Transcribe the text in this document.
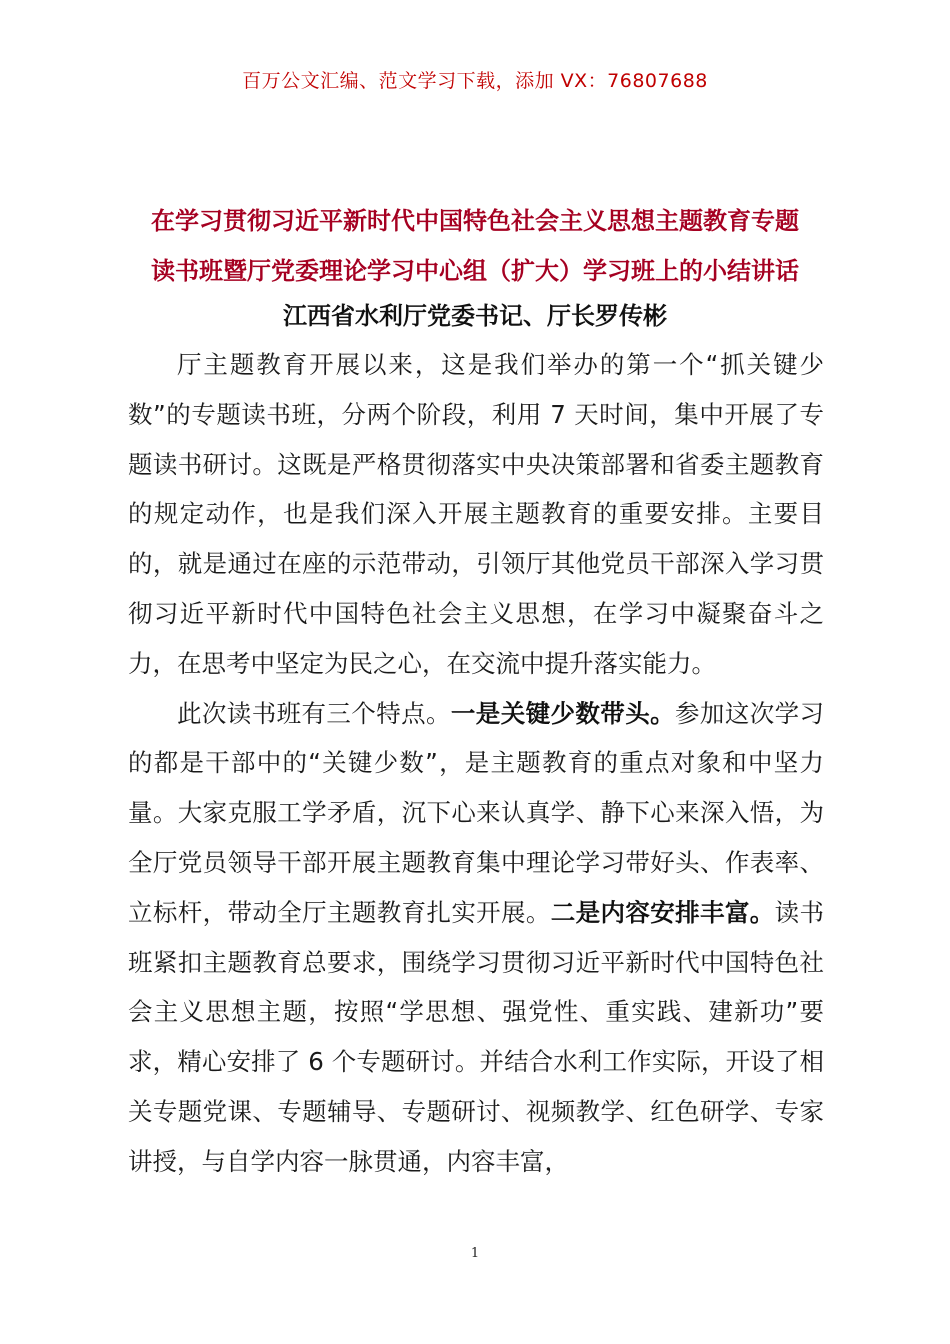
百万公文汇编、范文学习下载，添加 VX：76807688
在学习贯彻习近平新时代中国特色社会主义思想主题教育专题
读书班暨厅党委理论学习中心组（扩大）学习班上的小结讲话
江西省水利厅党委书记、厅长罗传彬

厅主题教育开展以来，这是我们举办的第一个“抓关键少数”的专题读书班，分两个阶段，利用 7 天时间，集中开展了专题读书研讨。这既是严格贯彻落实中央决策部署和省委主题教育的规定动作，也是我们深入开展主题教育的重要安排。主要目的，就是通过在座的示范带动，引领厅其他党员干部深入学习贯彻习近平新时代中国特色社会主义思想，在学习中凝聚奋斗之力，在思考中坚定为民之心，在交流中提升落实能力。

此次读书班有三个特点。一是关键少数带头。参加这次学习的都是干部中的“关键少数”，是主题教育的重点对象和中坚力量。大家克服工学矛盾，沉下心来认真学、静下心来深入悟，为全厅党员领导干部开展主题教育集中理论学习带好头、作表率、立标杆，带动全厅主题教育扎实开展。二是内容安排丰富。读书班紧扣主题教育总要求，围绕学习贯彻习近平新时代中国特色社会主义思想主题，按照“学思想、强党性、重实践、建新功”要求，精心安排了 6 个专题研讨。并结合水利工作实际，开设了相关专题党课、专题辅导、专题研讨、视频教学、红色研学、专家讲授，与自学内容一脉贯通，内容丰富，

1
